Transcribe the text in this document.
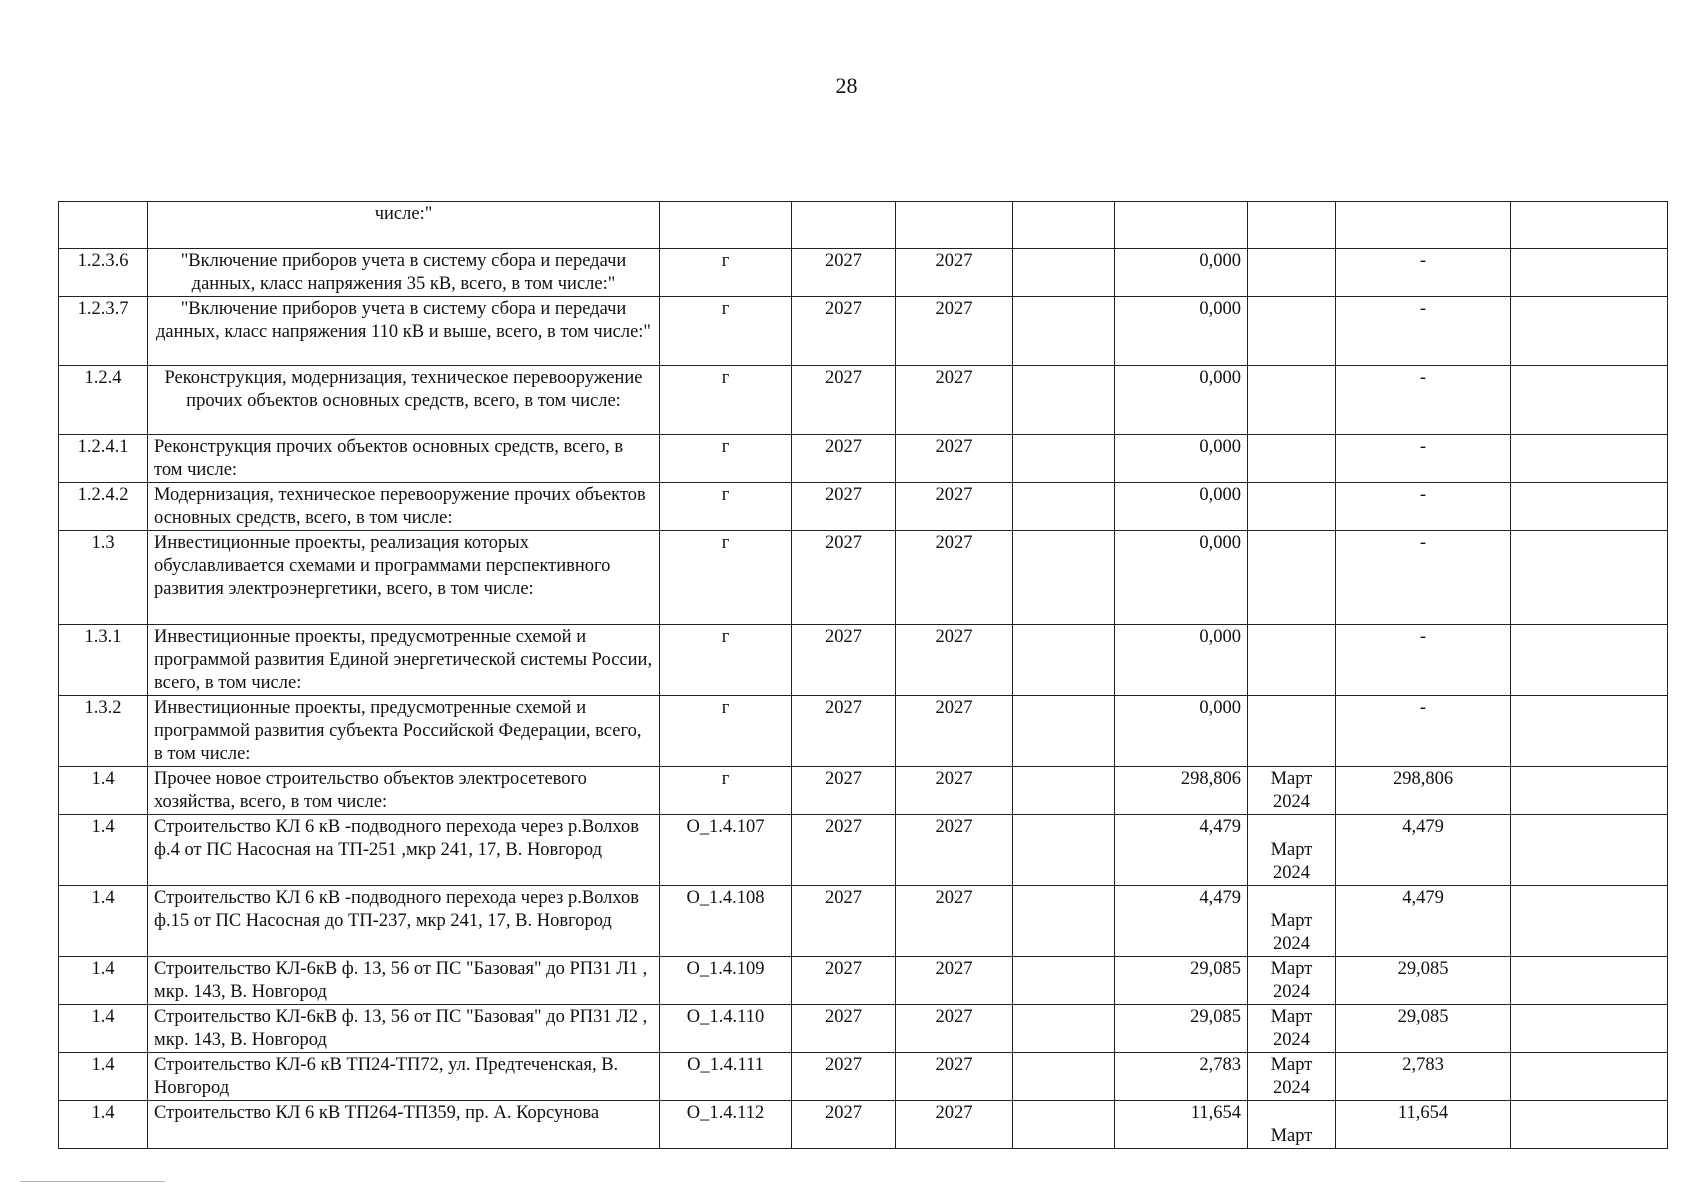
28
	числе:"								
1.2.3.6	"Включение приборов учета в систему сбора и передачи данных, класс напряжения 35 кВ, всего, в том числе:"	г	2027	2027		0,000		-	
1.2.3.7	"Включение приборов учета в систему сбора и передачи данных, класс напряжения 110 кВ и выше, всего, в том числе:"	г	2027	2027		0,000		-	
1.2.4	Реконструкция, модернизация, техническое перевооружение прочих объектов основных средств, всего, в том числе:	г	2027	2027		0,000		-	
1.2.4.1	Реконструкция прочих объектов основных средств, всего, в том числе:	г	2027	2027		0,000		-	
1.2.4.2	Модернизация, техническое перевооружение прочих объектов основных средств, всего, в том числе:	г	2027	2027		0,000		-	
1.3	Инвестиционные проекты, реализация которых обуславливается схемами и программами перспективного развития электроэнергетики, всего, в том числе:	г	2027	2027		0,000		-	
1.3.1	Инвестиционные проекты, предусмотренные схемой и программой развития Единой энергетической системы России, всего, в том числе:	г	2027	2027		0,000		-	
1.3.2	Инвестиционные проекты, предусмотренные схемой и программой развития субъекта Российской Федерации, всего, в том числе:	г	2027	2027		0,000		-	
1.4	Прочее новое строительство объектов электросетевого хозяйства, всего, в том числе:	г	2027	2027		298,806	Март 2024	298,806	
1.4	Строительство КЛ 6 кВ -подводного перехода через р.Волхов ф.4 от ПС Насосная на ТП-251 ,мкр 241, 17, В. Новгород	O_1.4.107	2027	2027		4,479	Март 2024	4,479	
1.4	Строительство КЛ 6 кВ -подводного перехода через р.Волхов ф.15 от ПС Насосная до ТП-237, мкр 241, 17, В. Новгород	O_1.4.108	2027	2027		4,479	Март 2024	4,479	
1.4	Строительство КЛ-6кВ ф. 13, 56 от ПС "Базовая" до РП31 Л1 , мкр. 143, В. Новгород	O_1.4.109	2027	2027		29,085	Март 2024	29,085	
1.4	Строительство КЛ-6кВ ф. 13, 56 от ПС "Базовая" до РП31 Л2 , мкр. 143, В. Новгород	O_1.4.110	2027	2027		29,085	Март 2024	29,085	
1.4	Строительство КЛ-6 кВ ТП24-ТП72, ул. Предтеченская, В. Новгород	O_1.4.111	2027	2027		2,783	Март 2024	2,783	
1.4	Строительство КЛ 6 кВ ТП264-ТП359, пр. А. Корсунова	O_1.4.112	2027	2027		11,654	Март	11,654	
